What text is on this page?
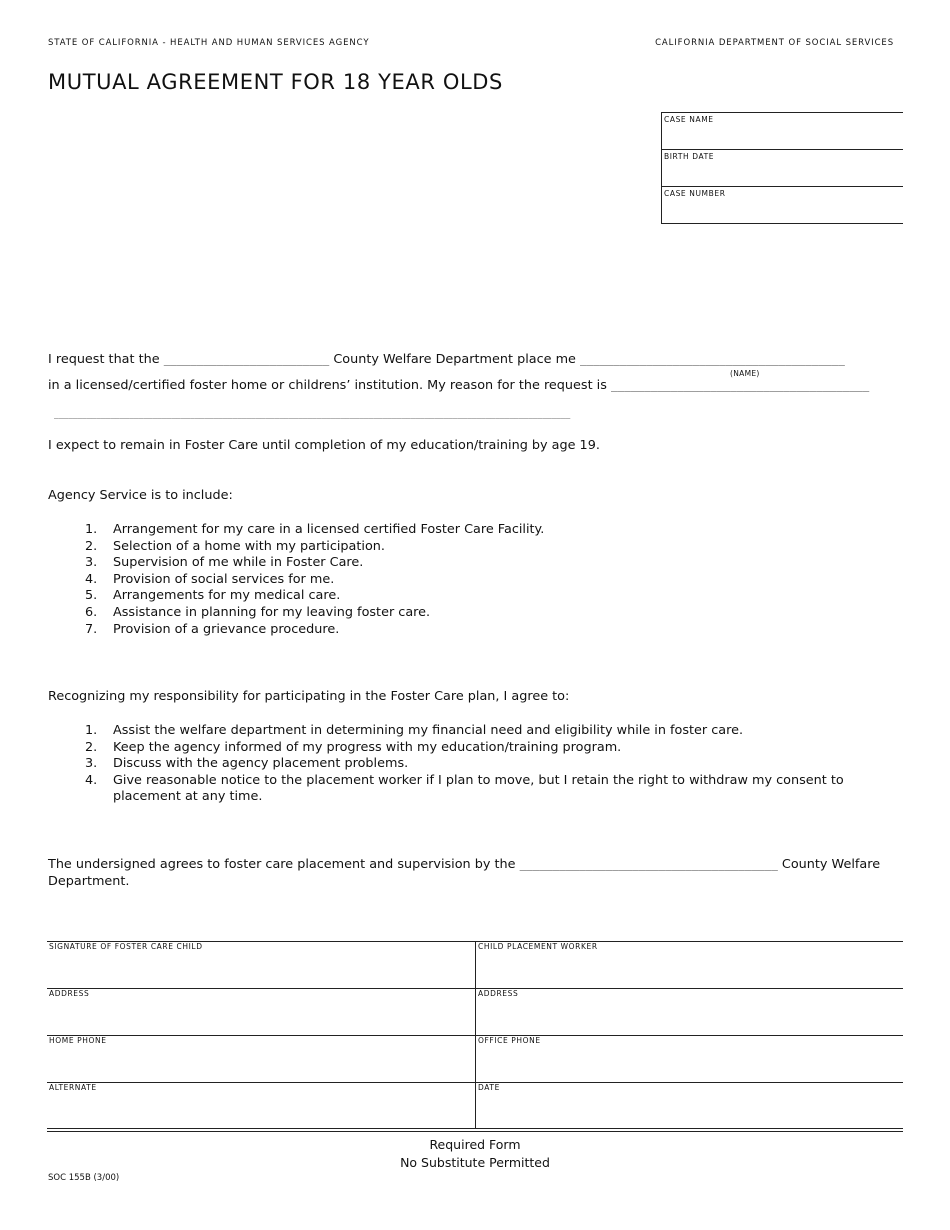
STATE OF CALIFORNIA - HEALTH AND HUMAN SERVICES AGENCY	CALIFORNIA DEPARTMENT OF SOCIAL SERVICES
MUTUAL AGREEMENT FOR 18 YEAR OLDS
CASE NAME
BIRTH DATE
CASE NUMBER
I request that the _________________________ County Welfare Department place me ________________________________________
(NAME)
in a licensed/certified foster home or childrens’ institution. My reason for the request is _______________________________________
______________________________________________________________________________________________________________
I expect to remain in Foster Care until completion of my education/training by age 19.
Agency Service is to include:
1. Arrangement for my care in a licensed certified Foster Care Facility.
2. Selection of a home with my participation.
3. Supervision of me while in Foster Care.
4. Provision of social services for me.
5. Arrangements for my medical care.
6. Assistance in planning for my leaving foster care.
7. Provision of a grievance procedure.
Recognizing my responsibility for participating in the Foster Care plan, I agree to:
1. Assist the welfare department in determining my financial need and eligibility while in foster care.
2. Keep the agency informed of my progress with my education/training program.
3. Discuss with the agency placement problems.
4. Give reasonable notice to the placement worker if I plan to move, but I retain the right to withdraw my consent to
placement at any time.
The undersigned agrees to foster care placement and supervision by the _______________________________________ County Welfare
Department.
SIGNATURE OF FOSTER CARE CHILD	CHILD PLACEMENT WORKER

ADDRESS	ADDRESS

HOME PHONE	OFFICE PHONE

ALTERNATE	DATE
Required Form
No Substitute Permitted
SOC 155B (3/00)
